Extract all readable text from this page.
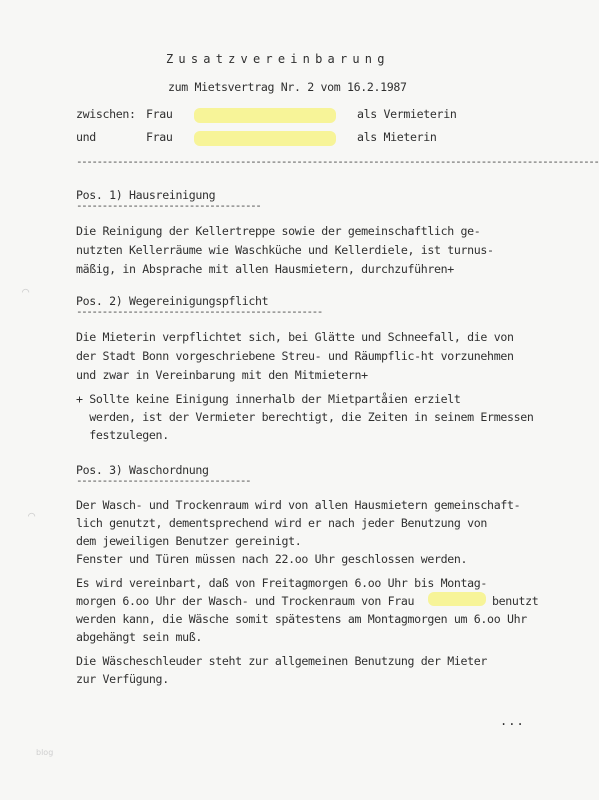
Zusatzvereinbarung
zum Mietsvertrag Nr. 2 vom 16.2.1987
zwischen: Frau	als Vermieterin
und	Frau	als Mieterin
------------------------------------------------------------------------------------------------------
Pos. 1) Hausreinigung
------------------------------------
Die Reinigung der Kellertreppe sowie der gemeinschaftlich ge-
nutzten Kellerräume wie Waschküche und Kellerdiele, ist turnus-
mäßig, in Absprache mit allen Hausmietern, durchzuführen+
⌒
Pos. 2) Wegereinigungspflicht
------------------------------------------------
Die Mieterin verpflichtet sich, bei Glätte und Schneefall, die von
der Stadt Bonn vorgeschriebene Streu- und Räumpflic-ht vorzunehmen
und zwar in Vereinbarung mit den Mitmietern+
+ Sollte keine Einigung innerhalb der Mietpartåien erzielt
werden, ist der Vermieter berechtigt, die Zeiten in seinem Ermessen
festzulegen.
Pos. 3) Waschordnung
----------------------------------
Der Wasch- und Trockenraum wird von allen Hausmietern gemeinschaft-
lich genutzt, dementsprechend wird er nach jeder Benutzung von
dem jeweiligen Benutzer gereinigt.
Fenster und Türen müssen nach 22.oo Uhr geschlossen werden.
⌒
Es wird vereinbart, daß von Freitagmorgen 6.oo Uhr bis Montag-
morgen 6.oo Uhr der Wasch- und Trockenraum von Frau	benutzt
werden kann, die Wäsche somit spätestens am Montagmorgen um 6.oo Uhr
abgehängt sein muß.
Die Wäscheschleuder steht zur allgemeinen Benutzung der Mieter
zur Verfügung.
...
blog
